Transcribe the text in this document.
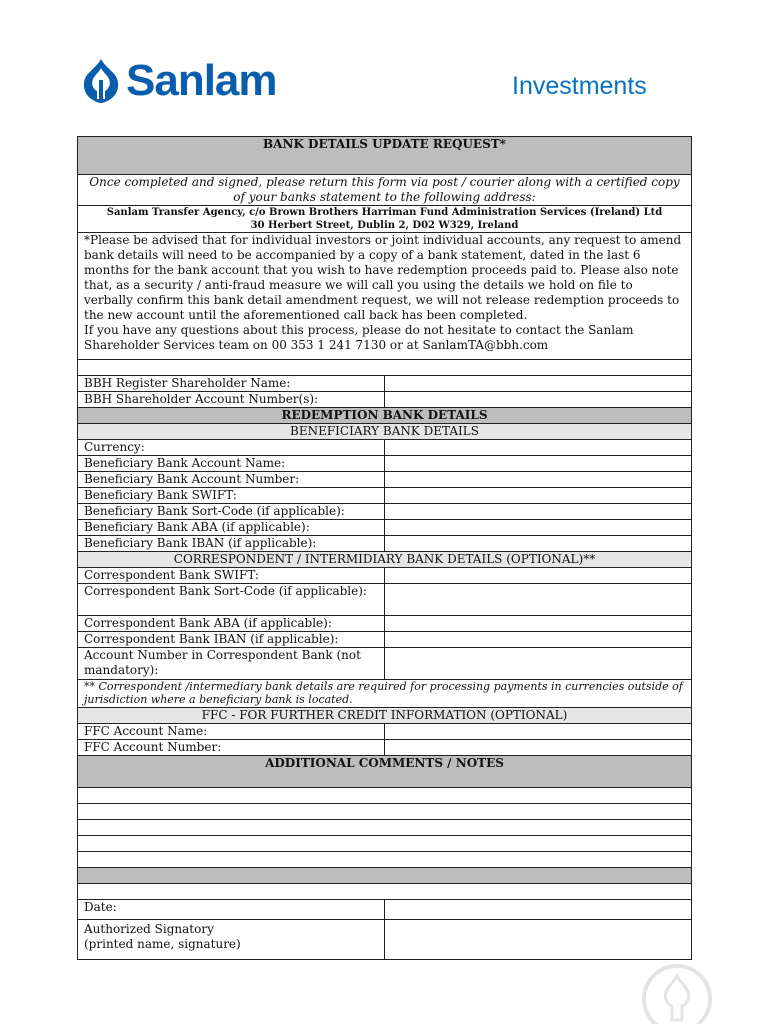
Sanlam	Investments
BANK DETAILS UPDATE REQUEST*	
Once completed and signed, please return this form via post / courier along with a certified copy of your banks statement to the following address:	

Sanlam Transfer Agency, c/o Brown Brothers Harriman Fund Administration Services (Ireland) Ltd
30 Herbert Street, Dublin 2, D02 W329, Ireland	

*Please be advised that for individual investors or joint individual accounts, any request to amend bank details will need to be accompanied by a copy of a bank statement, dated in the last 6 months for the bank account that you wish to have redemption proceeds paid to. Please also note that, as a security / anti-fraud measure we will call you using the details we hold on file to verbally confirm this bank detail amendment request, we will not release redemption proceeds to the new account until the aforementioned call back has been completed.
If you have any questions about this process, please do not hesitate to contact the Sanlam Shareholder Services team on 00 353 1 241 7130 or at SanlamTA@bbh.com	

BBH Register Shareholder Name:	
BBH Shareholder Account Number(s):	
REDEMPTION BANK DETAILS	
BENEFICIARY BANK DETAILS	
Currency:	
Beneficiary Bank Account Name:	
Beneficiary Bank Account Number:	
Beneficiary Bank SWIFT:	
Beneficiary Bank Sort-Code (if applicable):	
Beneficiary Bank ABA (if applicable):	
Beneficiary Bank IBAN (if applicable):	
CORRESPONDENT / INTERMIDIARY BANK DETAILS (OPTIONAL)**	
Correspondent Bank SWIFT:	
Correspondent Bank Sort-Code (if applicable):	
Correspondent Bank ABA (if applicable):	
Correspondent Bank IBAN (if applicable):	
Account Number in Correspondent Bank (not mandatory):	
** Correspondent /intermediary bank details are required for processing payments in currencies outside of jurisdiction where a beneficiary bank is located.	
FFC - FOR FURTHER CREDIT INFORMATION (OPTIONAL)	
FFC Account Name:	
FFC Account Number:	
ADDITIONAL COMMENTS / NOTES	

Date:	

Authorized Signatory
(printed name, signature)	
